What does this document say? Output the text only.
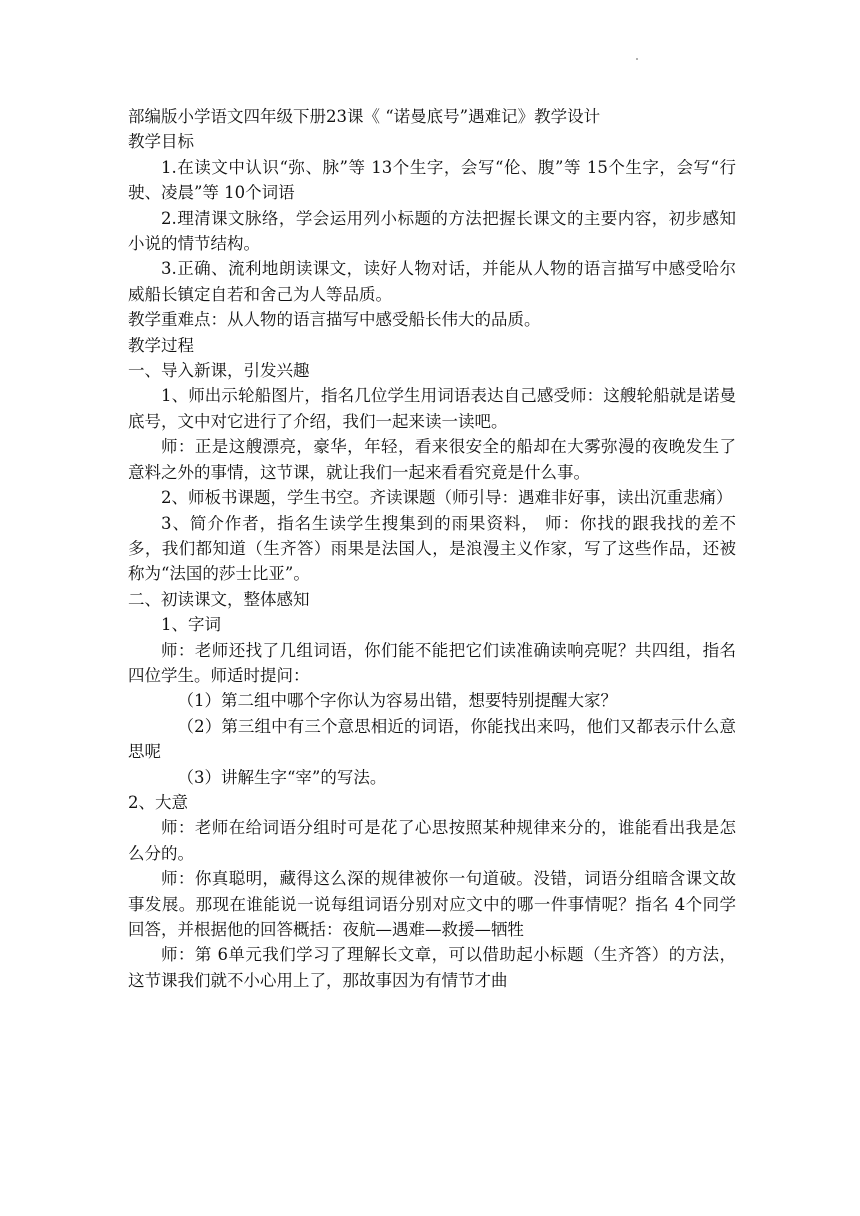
部编版小学语文四年级下册23课《 “诺曼底号”遇难记》教学设计

教学目标

1.在读文中认识“弥、脉”等 13个生字，会写“伦、腹”等 15个生字，会写“行驶、凌晨”等 10个词语

2.理清课文脉络，学会运用列小标题的方法把握长课文的主要内容，初步感知小说的情节结构。

3.正确、流利地朗读课文，读好人物对话，并能从人物的语言描写中感受哈尔威船长镇定自若和舍己为人等品质。

教学重难点：从人物的语言描写中感受船长伟大的品质。

教学过程

一、导入新课，引发兴趣

1、师出示轮船图片，指名几位学生用词语表达自己感受师：这艘轮船就是诺曼底号，文中对它进行了介绍，我们一起来读一读吧。

师：正是这艘漂亮，豪华，年轻，看来很安全的船却在大雾弥漫的夜晚发生了意料之外的事情，这节课，就让我们一起来看看究竟是什么事。

2、师板书课题，学生书空。齐读课题（师引导：遇难非好事，读出沉重悲痛）

3、简介作者，指名生读学生搜集到的雨果资料， 师：你找的跟我找的差不多，我们都知道（生齐答）雨果是法国人，是浪漫主义作家，写了这些作品，还被称为“法国的莎士比亚”。

二、初读课文，整体感知

1、字词

师：老师还找了几组词语，你们能不能把它们读准确读响亮呢？共四组，指名四位学生。师适时提问：

（1）第二组中哪个字你认为容易出错，想要特别提醒大家？

（2）第三组中有三个意思相近的词语，你能找出来吗，他们又都表示什么意思呢

（3）讲解生字“宰”的写法。

2、大意

师：老师在给词语分组时可是花了心思按照某种规律来分的，谁能看出我是怎么分的。

师：你真聪明，藏得这么深的规律被你一句道破。没错，词语分组暗含课文故事发展。那现在谁能说一说每组词语分别对应文中的哪一件事情呢？指名 4个同学回答，并根据他的回答概括：夜航—遇难—救援—牺牲

师：第 6单元我们学习了理解长文章，可以借助起小标题（生齐答）的方法，这节课我们就不小心用上了，那故事因为有情节才曲
